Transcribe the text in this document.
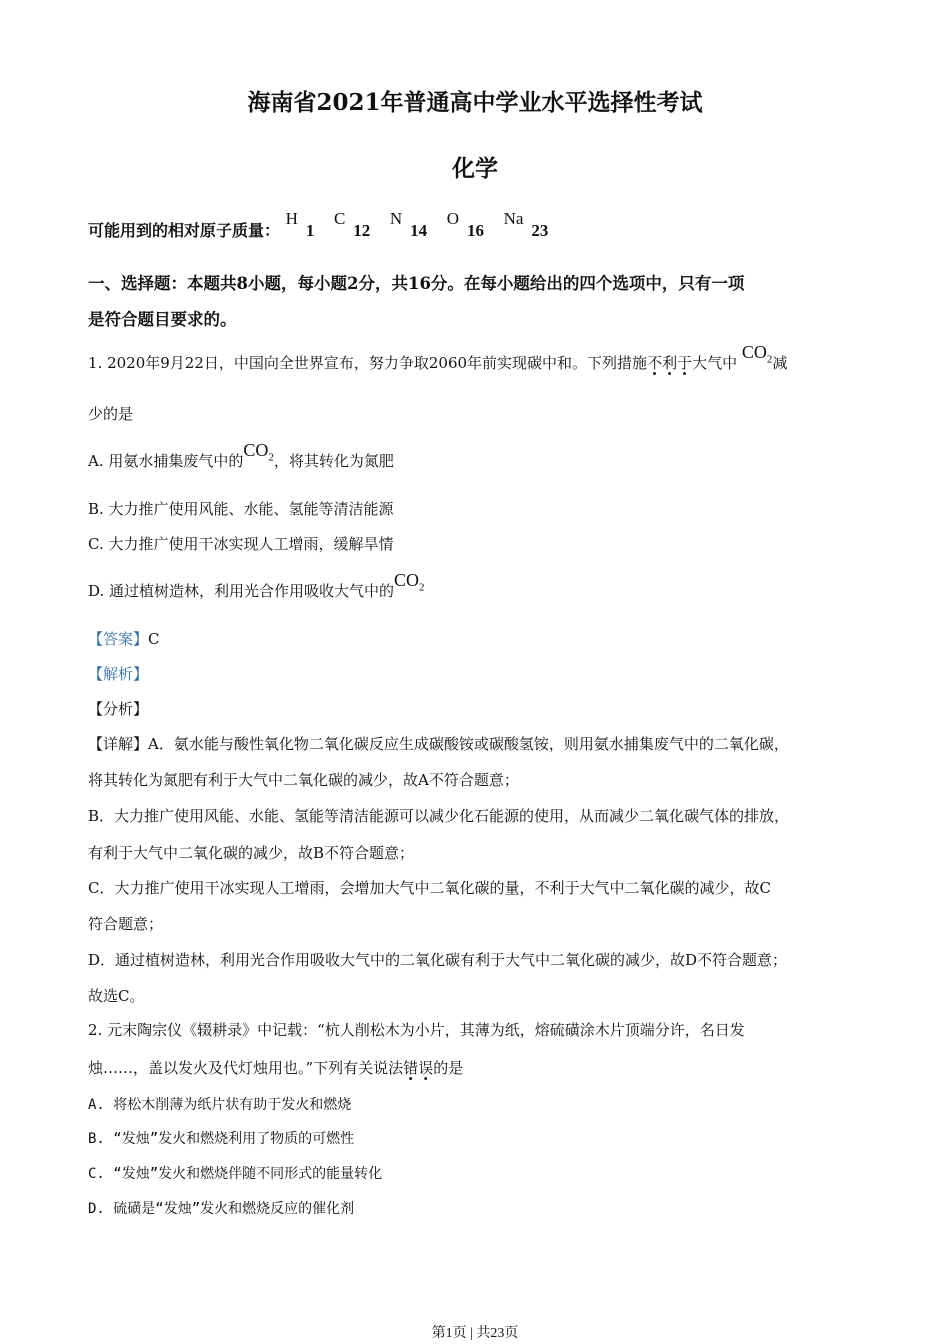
海南省2021年普通高中学业水平选择性考试
化学
可能用到的相对原子质量： H1 C12 N14 O16 Na23
一、选择题：本题共8小题，每小题2分，共16分。在每小题给出的四个选项中，只有一项
是符合题目要求的。
1. 2020年9月22日，中国向全世界宣布，努力争取2060年前实现碳中和。下列措施不利于大气中 $CO_2$减
少的是
A. 用氨水捕集废气中的$CO_2$，将其转化为氮肥
B. 大力推广使用风能、水能、氢能等清洁能源
C. 大力推广使用干冰实现人工增雨，缓解旱情
D. 通过植树造林，利用光合作用吸收大气中的$CO_2$
【答案】C
【解析】
【分析】
【详解】A．氨水能与酸性氧化物二氧化碳反应生成碳酸铵或碳酸氢铵，则用氨水捕集废气中的二氧化碳，
将其转化为氮肥有利于大气中二氧化碳的减少，故A不符合题意；
B．大力推广使用风能、水能、氢能等清洁能源可以减少化石能源的使用，从而减少二氧化碳气体的排放，
有利于大气中二氧化碳的减少，故B不符合题意；
C．大力推广使用干冰实现人工增雨，会增加大气中二氧化碳的量，不利于大气中二氧化碳的减少，故C
符合题意；
D．通过植树造林，利用光合作用吸收大气中的二氧化碳有利于大气中二氧化碳的减少，故D不符合题意；
故选C。
2. 元末陶宗仪《辍耕录》中记载：“杭人削松木为小片，其薄为纸，熔硫磺涂木片顶端分许，名日发
烛……，盖以发火及代灯烛用也。”下列有关说法错误的是
A. 将松木削薄为纸片状有助于发火和燃烧
B. “发烛”发火和燃烧利用了物质的可燃性
C. “发烛”发火和燃烧伴随不同形式的能量转化
D. 硫磺是“发烛”发火和燃烧反应的催化剂
第1页 | 共23页
